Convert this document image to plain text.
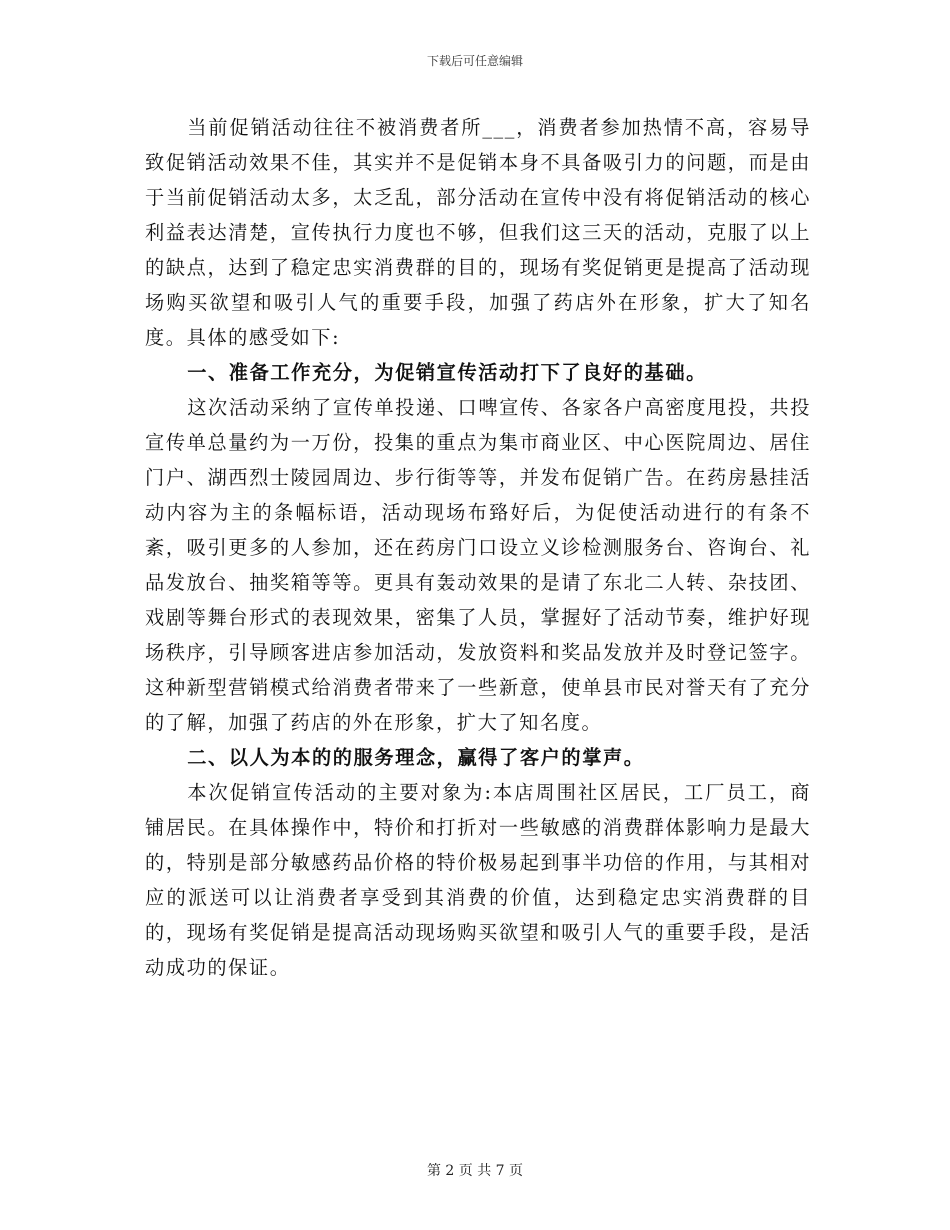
下载后可任意编辑

当前促销活动往往不被消费者所___，消费者参加热情不高，容易导致促销活动效果不佳，其实并不是促销本身不具备吸引力的问题，而是由于当前促销活动太多，太乏乱，部分活动在宣传中没有将促销活动的核心利益表达清楚，宣传执行力度也不够，但我们这三天的活动，克服了以上的缺点，达到了稳定忠实消费群的目的，现场有奖促销更是提高了活动现场购买欲望和吸引人气的重要手段，加强了药店外在形象，扩大了知名度。具体的感受如下:

一、准备工作充分，为促销宣传活动打下了良好的基础。

这次活动采纳了宣传单投递、口啤宣传、各家各户高密度甩投，共投宣传单总量约为一万份，投集的重点为集市商业区、中心医院周边、居住门户、湖西烈士陵园周边、步行街等等，并发布促销广告。在药房悬挂活动内容为主的条幅标语，活动现场布臵好后，为促使活动进行的有条不紊，吸引更多的人参加，还在药房门口设立义诊检测服务台、咨询台、礼品发放台、抽奖箱等等。更具有轰动效果的是请了东北二人转、杂技团、戏剧等舞台形式的表现效果，密集了人员，掌握好了活动节奏，维护好现场秩序，引导顾客进店参加活动，发放资料和奖品发放并及时登记签字。这种新型营销模式给消费者带来了一些新意，使单县市民对誉天有了充分的了解，加强了药店的外在形象，扩大了知名度。

二、以人为本的的服务理念，赢得了客户的掌声。

本次促销宣传活动的主要对象为:本店周围社区居民，工厂员工，商铺居民。在具体操作中，特价和打折对一些敏感的消费群体影响力是最大的，特别是部分敏感药品价格的特价极易起到事半功倍的作用，与其相对应的派送可以让消费者享受到其消费的价值，达到稳定忠实消费群的目的，现场有奖促销是提高活动现场购买欲望和吸引人气的重要手段，是活动成功的保证。

第 2 页 共 7 页
